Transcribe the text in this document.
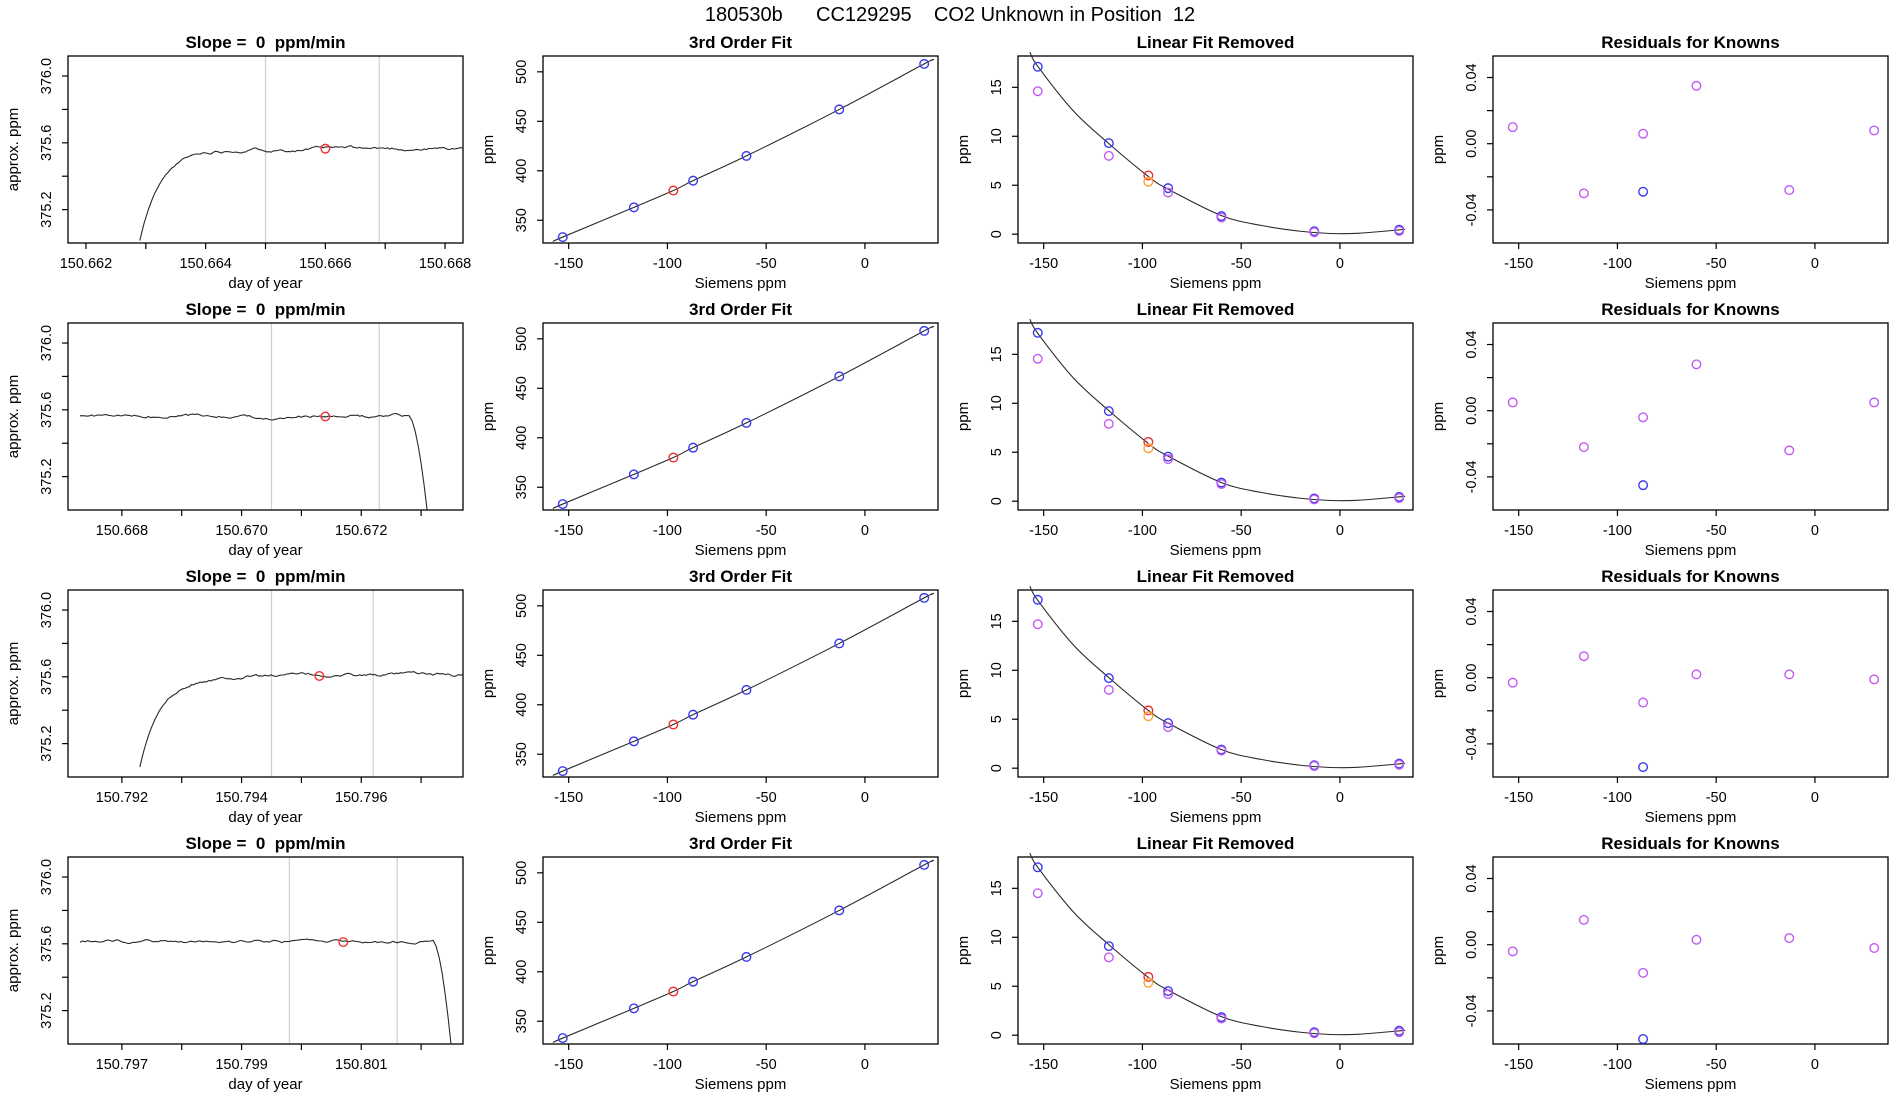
180530b      CC129295    CO2 Unknown in Position  12
150.662	150.664	150.666	150.668
375.2
375.6
376.0
Slope =  0  ppm/min
day of year
approx. ppm
-150	-100	-50	0
350
400
450
500
3rd Order Fit
Siemens ppm
ppm
-150	-100	-50	0
0
5
10
15
Linear Fit Removed
Siemens ppm
ppm
-150	-100	-50	0
-0.04
0.00
0.04
Residuals for Knowns
Siemens ppm
ppm
150.668	150.670	150.672
375.2
375.6
376.0
Slope =  0  ppm/min
day of year
approx. ppm
-150	-100	-50	0
350
400
450
500
3rd Order Fit
Siemens ppm
ppm
-150	-100	-50	0
0
5
10
15
Linear Fit Removed
Siemens ppm
ppm
-150	-100	-50	0
-0.04
0.00
0.04
Residuals for Knowns
Siemens ppm
ppm
150.792	150.794	150.796
375.2
375.6
376.0
Slope =  0  ppm/min
day of year
approx. ppm
-150	-100	-50	0
350
400
450
500
3rd Order Fit
Siemens ppm
ppm
-150	-100	-50	0
0
5
10
15
Linear Fit Removed
Siemens ppm
ppm
-150	-100	-50	0
-0.04
0.00
0.04
Residuals for Knowns
Siemens ppm
ppm
150.797	150.799	150.801
375.2
375.6
376.0
Slope =  0  ppm/min
day of year
approx. ppm
-150	-100	-50	0
350
400
450
500
3rd Order Fit
Siemens ppm
ppm
-150	-100	-50	0
0
5
10
15
Linear Fit Removed
Siemens ppm
ppm
-150	-100	-50	0
-0.04
0.00
0.04
Residuals for Knowns
Siemens ppm
ppm
